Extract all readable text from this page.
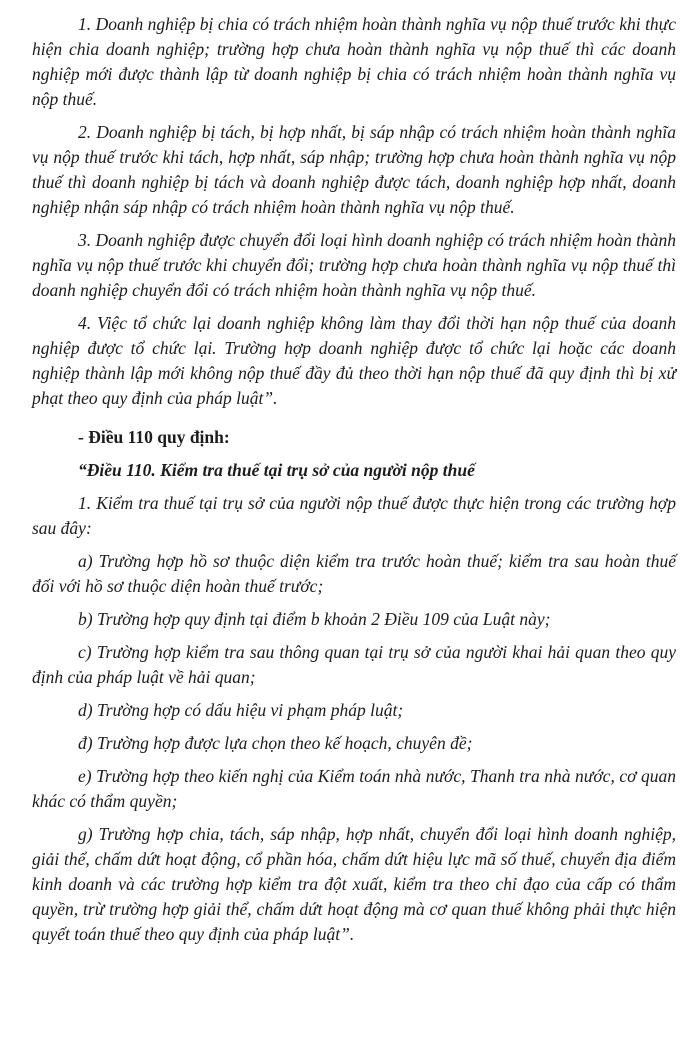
1. Doanh nghiệp bị chia có trách nhiệm hoàn thành nghĩa vụ nộp thuế trước khi thực hiện chia doanh nghiệp; trường hợp chưa hoàn thành nghĩa vụ nộp thuế thì các doanh nghiệp mới được thành lập từ doanh nghiệp bị chia có trách nhiệm hoàn thành nghĩa vụ nộp thuế.

2. Doanh nghiệp bị tách, bị hợp nhất, bị sáp nhập có trách nhiệm hoàn thành nghĩa vụ nộp thuế trước khi tách, hợp nhất, sáp nhập; trường hợp chưa hoàn thành nghĩa vụ nộp thuế thì doanh nghiệp bị tách và doanh nghiệp được tách, doanh nghiệp hợp nhất, doanh nghiệp nhận sáp nhập có trách nhiệm hoàn thành nghĩa vụ nộp thuế.

3. Doanh nghiệp được chuyển đổi loại hình doanh nghiệp có trách nhiệm hoàn thành nghĩa vụ nộp thuế trước khi chuyển đổi; trường hợp chưa hoàn thành nghĩa vụ nộp thuế thì doanh nghiệp chuyển đổi có trách nhiệm hoàn thành nghĩa vụ nộp thuế.

4. Việc tổ chức lại doanh nghiệp không làm thay đổi thời hạn nộp thuế của doanh nghiệp được tổ chức lại. Trường hợp doanh nghiệp được tổ chức lại hoặc các doanh nghiệp thành lập mới không nộp thuế đầy đủ theo thời hạn nộp thuế đã quy định thì bị xử phạt theo quy định của pháp luật”.

- Điều 110 quy định:
“Điều 110. Kiểm tra thuế tại trụ sở của người nộp thuế

1. Kiểm tra thuế tại trụ sở của người nộp thuế được thực hiện trong các trường hợp sau đây:

a) Trường hợp hồ sơ thuộc diện kiểm tra trước hoàn thuế; kiểm tra sau hoàn thuế đối với hồ sơ thuộc diện hoàn thuế trước;

b) Trường hợp quy định tại điểm b khoản 2 Điều 109 của Luật này;

c) Trường hợp kiểm tra sau thông quan tại trụ sở của người khai hải quan theo quy định của pháp luật về hải quan;

d) Trường hợp có dấu hiệu vi phạm pháp luật;

đ) Trường hợp được lựa chọn theo kế hoạch, chuyên đề;

e) Trường hợp theo kiến nghị của Kiểm toán nhà nước, Thanh tra nhà nước, cơ quan khác có thẩm quyền;

g) Trường hợp chia, tách, sáp nhập, hợp nhất, chuyển đổi loại hình doanh nghiệp, giải thể, chấm dứt hoạt động, cổ phần hóa, chấm dứt hiệu lực mã số thuế, chuyển địa điểm kinh doanh và các trường hợp kiểm tra đột xuất, kiểm tra theo chỉ đạo của cấp có thẩm quyền, trừ trường hợp giải thể, chấm dứt hoạt động mà cơ quan thuế không phải thực hiện quyết toán thuế theo quy định của pháp luật”.
